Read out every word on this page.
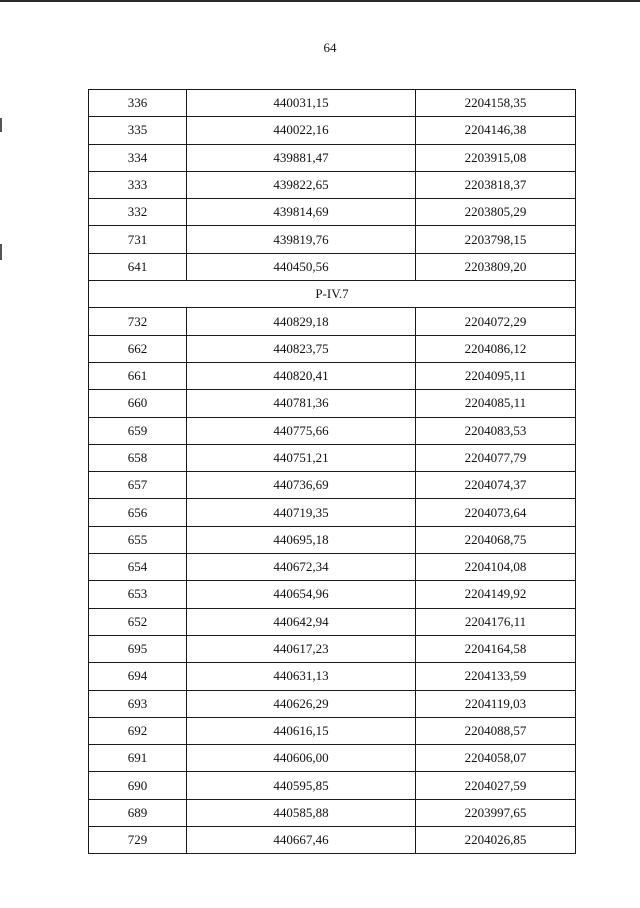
64
336	440031,15	2204158,35
335	440022,16	2204146,38
334	439881,47	2203915,08
333	439822,65	2203818,37
332	439814,69	2203805,29
731	439819,76	2203798,15
641	440450,56	2203809,20
P-IV.7		
732	440829,18	2204072,29
662	440823,75	2204086,12
661	440820,41	2204095,11
660	440781,36	2204085,11
659	440775,66	2204083,53
658	440751,21	2204077,79
657	440736,69	2204074,37
656	440719,35	2204073,64
655	440695,18	2204068,75
654	440672,34	2204104,08
653	440654,96	2204149,92
652	440642,94	2204176,11
695	440617,23	2204164,58
694	440631,13	2204133,59
693	440626,29	2204119,03
692	440616,15	2204088,57
691	440606,00	2204058,07
690	440595,85	2204027,59
689	440585,88	2203997,65
729	440667,46	2204026,85
